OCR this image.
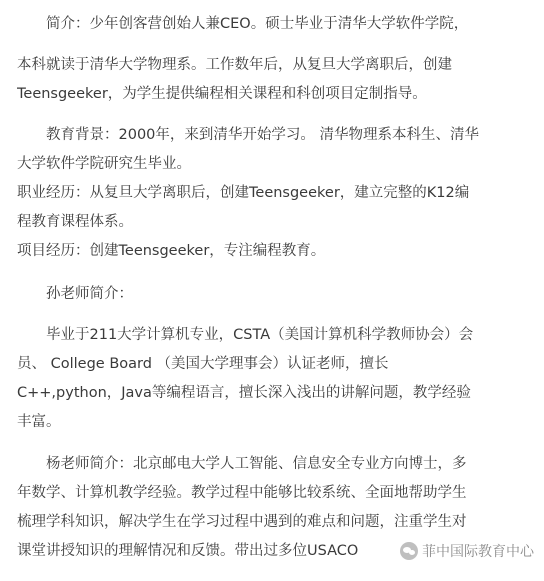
简介：少年创客营创始人兼CEO。硕士毕业于清华大学软件学院，
本科就读于清华大学物理系。工作数年后，从复旦大学离职后，创建
Teensgeeker，为学生提供编程相关课程和科创项目定制指导。
教育背景：2000年，来到清华开始学习。 清华物理系本科生、清华
大学软件学院研究生毕业。
职业经历：从复旦大学离职后，创建Teensgeeker，建立完整的K12编
程教育课程体系。
项目经历：创建Teensgeeker，专注编程教育。
孙老师简介：
毕业于211大学计算机专业，CSTA（美国计算机科学教师协会）会
员、 College Board （美国大学理事会）认证老师，擅长
C++,python，Java等编程语言，擅长深入浅出的讲解问题，教学经验
丰富。
杨老师简介：北京邮电大学人工智能、信息安全专业方向博士，多
年数学、计算机教学经验。教学过程中能够比较系统、全面地帮助学生
梳理学科知识，解决学生在学习过程中遇到的难点和问题，注重学生对
课堂讲授知识的理解情况和反馈。带出过多位USACO	菲中国际教育中心
